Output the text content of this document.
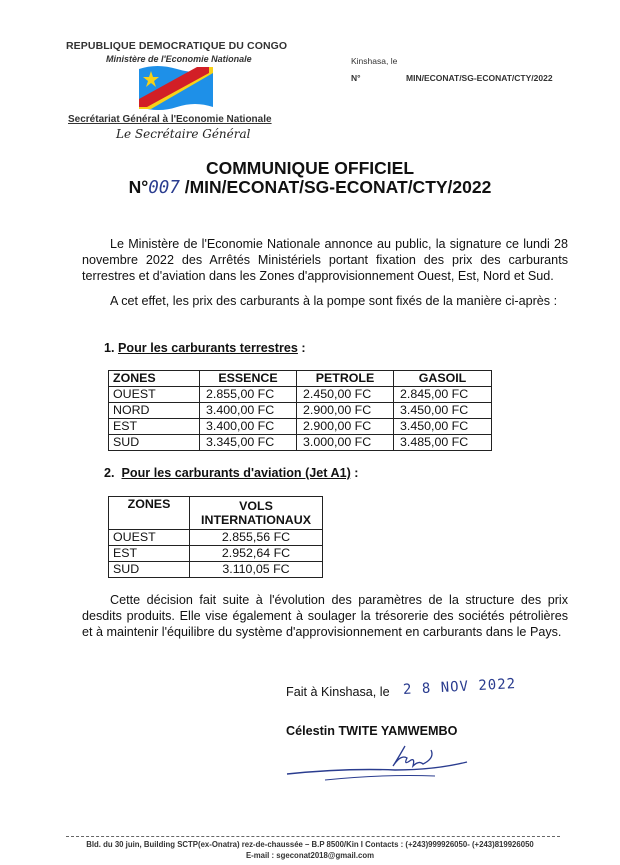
REPUBLIQUE DEMOCRATIQUE DU CONGO
Ministère de l'Economie Nationale
Secrétariat Général à l'Economie Nationale
Le Secrétaire Général
Kinshasa, le
N°	MIN/ECONAT/SG-ECONAT/CTY/2022
COMMUNIQUE OFFICIEL
N°007 /MIN/ECONAT/SG-ECONAT/CTY/2022
Le Ministère de l'Economie Nationale annonce au public, la signature ce lundi 28 novembre 2022 des Arrêtés Ministériels portant fixation des prix des carburants terrestres et d'aviation dans les Zones d'approvisionnement Ouest, Est, Nord et Sud.
A cet effet, les prix des carburants à la pompe sont fixés de la manière ci-après :
1. Pour les carburants terrestres :
ZONES	ESSENCE	PETROLE	GASOIL
OUEST	2.855,00 FC	2.450,00 FC	2.845,00 FC
NORD	3.400,00 FC	2.900,00 FC	3.450,00 FC
EST	3.400,00 FC	2.900,00 FC	3.450,00 FC
SUD	3.345,00 FC	3.000,00 FC	3.485,00 FC
2. Pour les carburants d'aviation (Jet A1) :
ZONES	VOLS INTERNATIONAUX
OUEST	2.855,56 FC
EST	2.952,64 FC
SUD	3.110,05 FC
Cette décision fait suite à l'évolution des paramètres de la structure des prix desdits produits. Elle vise également à soulager la trésorerie des sociétés pétrolières et à maintenir l'équilibre du système d'approvisionnement en carburants dans le Pays.
Fait à Kinshasa, le 2 8 NOV 2022
Célestin TWITE YAMWEMBO
Bld. du 30 juin, Building SCTP(ex-Onatra) rez-de-chaussée – B.P 8500/Kin I Contacts : (+243)999926050- (+243)819926050
E-mail : sgeconat2018@gmail.com
